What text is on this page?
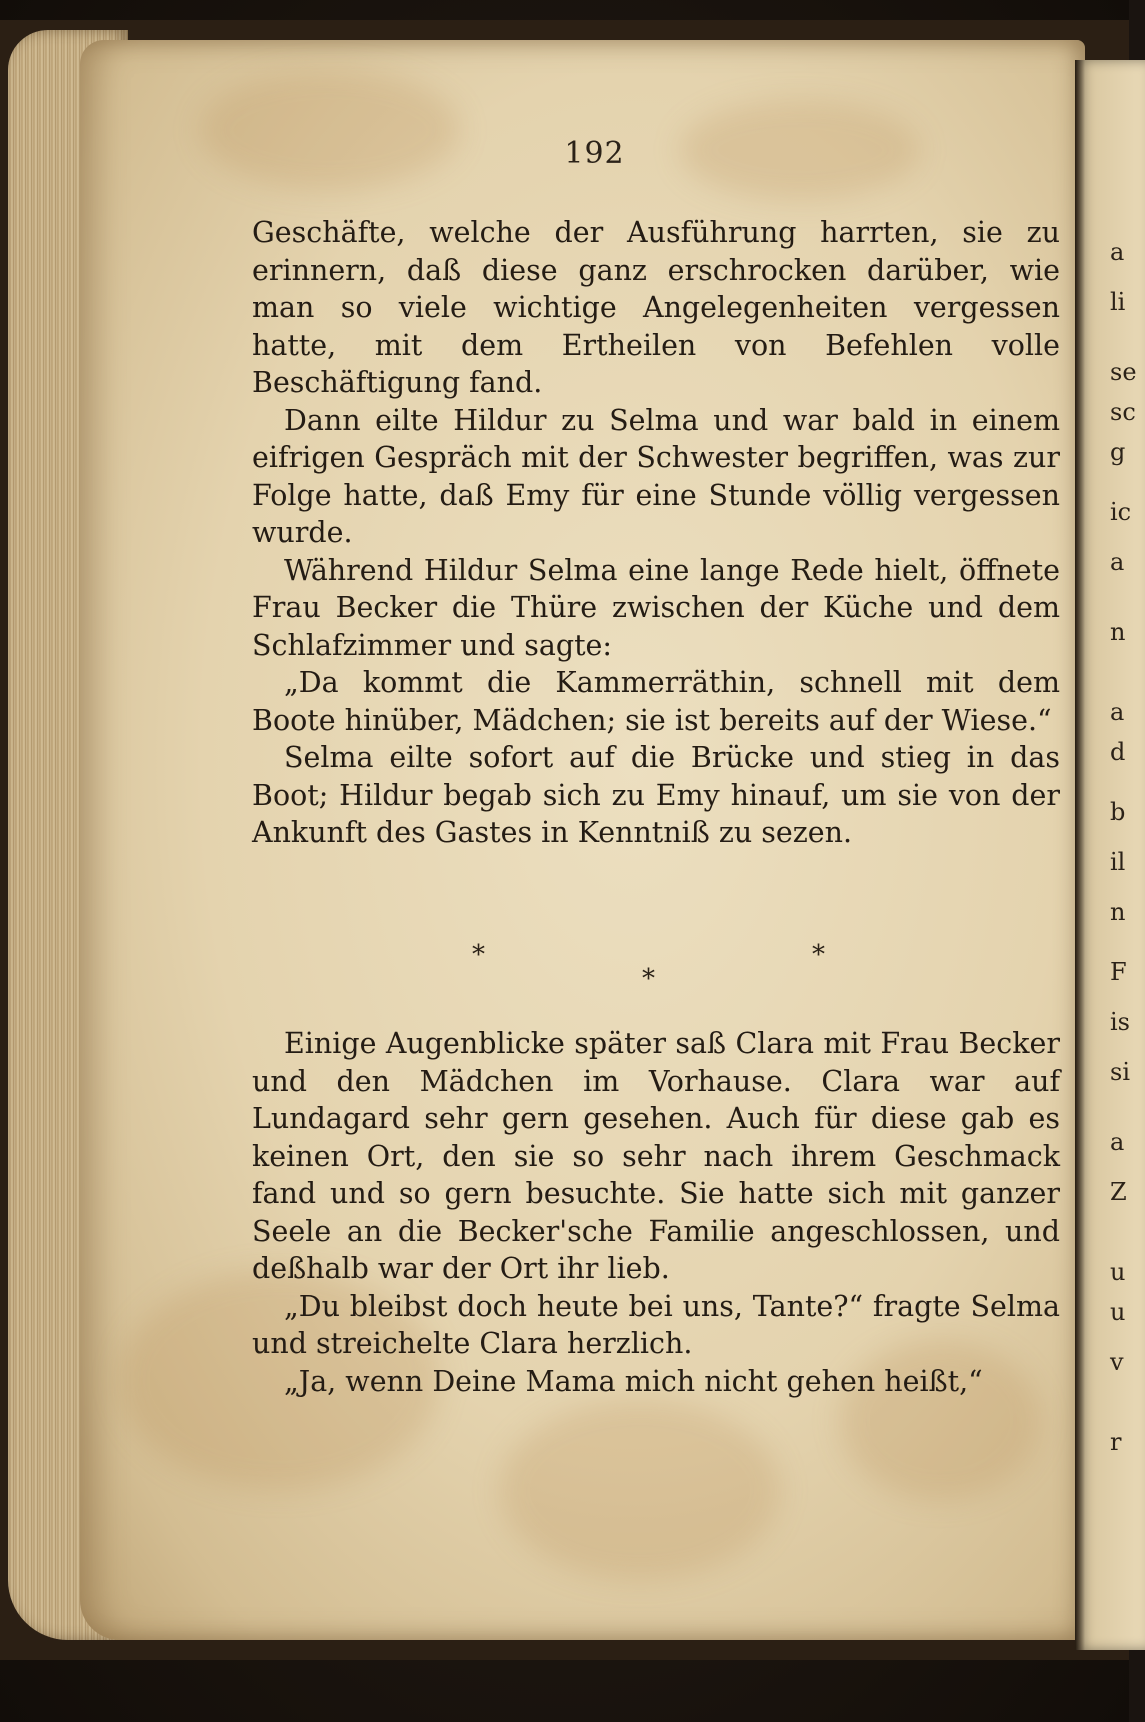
a
li
se
sc
g
ic
a
n
a
d
b
il
n
F
is
si
a
Z
u
u
v
r
192

Geschäfte, welche der Ausführung harrten, sie zu erinnern, daß diese ganz erschrocken darüber, wie man so viele wichtige Angelegenheiten vergessen hatte, mit dem Ertheilen von Befehlen volle Beschäftigung fand.

Dann eilte Hildur zu Selma und war bald in einem eifrigen Gespräch mit der Schwester begriffen, was zur Folge hatte, daß Emy für eine Stunde völlig vergessen wurde.

Während Hildur Selma eine lange Rede hielt, öffnete Frau Becker die Thüre zwischen der Küche und dem Schlafzimmer und sagte:

„Da kommt die Kammerräthin, schnell mit dem Boote hinüber, Mädchen; sie ist bereits auf der Wiese.“

Selma eilte sofort auf die Brücke und stieg in das Boot; Hildur begab sich zu Emy hinauf, um sie von der Ankunft des Gastes in Kenntniß zu sezen.

*
*
*

Einige Augenblicke später saß Clara mit Frau Becker und den Mädchen im Vorhause. Clara war auf Lundagard sehr gern gesehen. Auch für diese gab es keinen Ort, den sie so sehr nach ihrem Geschmack fand und so gern besuchte. Sie hatte sich mit ganzer Seele an die Becker'sche Familie angeschlossen, und deßhalb war der Ort ihr lieb.

„Du bleibst doch heute bei uns, Tante?“ fragte Selma und streichelte Clara herzlich.

„Ja, wenn Deine Mama mich nicht gehen heißt,“
